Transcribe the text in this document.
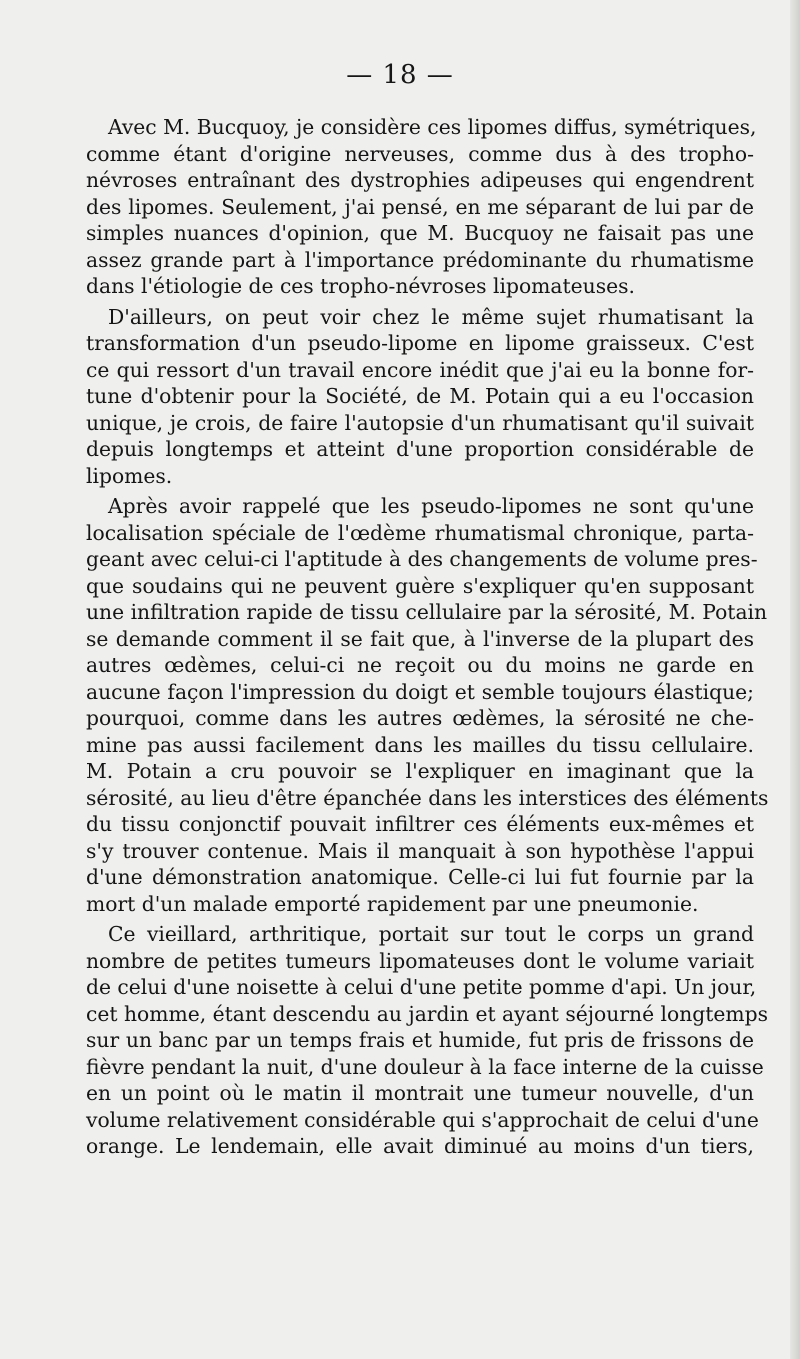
— 18 —
Avec M. Bucquoy, je considère ces lipomes diffus, symétriques,
comme étant d'origine nerveuses, comme dus à des tropho-
névroses entraînant des dystrophies adipeuses qui engendrent
des lipomes. Seulement, j'ai pensé, en me séparant de lui par de
simples nuances d'opinion, que M. Bucquoy ne faisait pas une
assez grande part à l'importance prédominante du rhumatisme
dans l'étiologie de ces tropho-névroses lipomateuses.
D'ailleurs, on peut voir chez le même sujet rhumatisant la
transformation d'un pseudo-lipome en lipome graisseux. C'est
ce qui ressort d'un travail encore inédit que j'ai eu la bonne for-
tune d'obtenir pour la Société, de M. Potain qui a eu l'occasion
unique, je crois, de faire l'autopsie d'un rhumatisant qu'il suivait
depuis longtemps et atteint d'une proportion considérable de
lipomes.
Après avoir rappelé que les pseudo-lipomes ne sont qu'une
localisation spéciale de l'œdème rhumatismal chronique, parta-
geant avec celui-ci l'aptitude à des changements de volume pres-
que soudains qui ne peuvent guère s'expliquer qu'en supposant
une infiltration rapide de tissu cellulaire par la sérosité, M. Potain
se demande comment il se fait que, à l'inverse de la plupart des
autres œdèmes, celui-ci ne reçoit ou du moins ne garde en
aucune façon l'impression du doigt et semble toujours élastique;
pourquoi, comme dans les autres œdèmes, la sérosité ne che-
mine pas aussi facilement dans les mailles du tissu cellulaire.
M. Potain a cru pouvoir se l'expliquer en imaginant que la
sérosité, au lieu d'être épanchée dans les interstices des éléments
du tissu conjonctif pouvait infiltrer ces éléments eux-mêmes et
s'y trouver contenue. Mais il manquait à son hypothèse l'appui
d'une démonstration anatomique. Celle-ci lui fut fournie par la
mort d'un malade emporté rapidement par une pneumonie.
Ce vieillard, arthritique, portait sur tout le corps un grand
nombre de petites tumeurs lipomateuses dont le volume variait
de celui d'une noisette à celui d'une petite pomme d'api. Un jour,
cet homme, étant descendu au jardin et ayant séjourné longtemps
sur un banc par un temps frais et humide, fut pris de frissons de
fièvre pendant la nuit, d'une douleur à la face interne de la cuisse
en un point où le matin il montrait une tumeur nouvelle, d'un
volume relativement considérable qui s'approchait de celui d'une
orange. Le lendemain, elle avait diminué au moins d'un tiers,
